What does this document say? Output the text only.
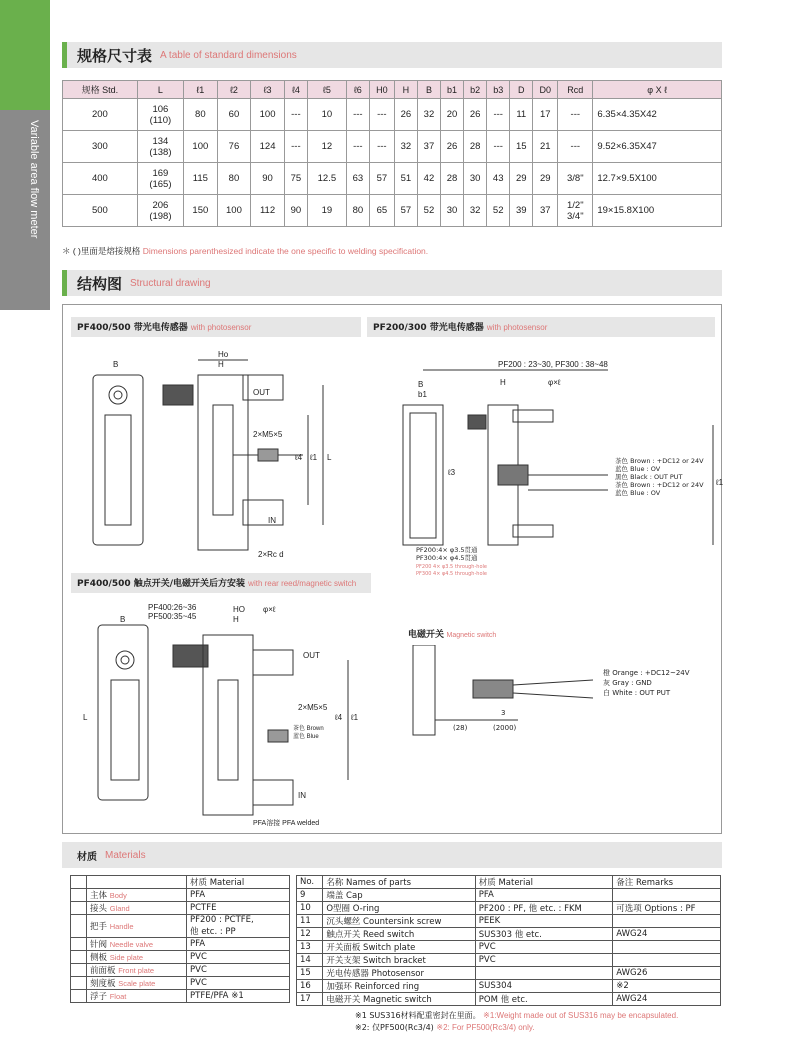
Variable area flow meter
规格尺寸表 A table of standard dimensions
规格 Std.	L	ℓ1	ℓ2	ℓ3	ℓ4	ℓ5	ℓ6	H0	H	B	b1	b2	b3	D	D0	Rcd	φ X ℓ
200	106
(110)	80	60	100	---	10	---	---	26	32	20	26	---	11	17	---	6.35×4.35X42
300	134
(138)	100	76	124	---	12	---	---	32	37	26	28	---	15	21	---	9.52×6.35X47
400	169
(165)	115	80	90	75	12.5	63	57	51	42	28	30	43	29	29	3/8"	12.7×9.5X100
500	206
(198)	150	100	112	90	19	80	65	57	52	30	32	52	39	37	1/2"
3/4"	19×15.8X100
＊ ( )里面是熔接规格 Dimensions parenthesized indicate the one specific to welding specification.
结构图 Structural drawing
PF400/500 带光电传感器 with photosensor	PF200/300 带光电传感器 with photosensor
PF400/500 触点开关/电磁开关后方安装 with rear reed/magnetic switch
电磁开关 Magnetic switch
B
Ho
H
OUT
2×M5×5
IN
2×Rc d
L
ℓ1
ℓ4
PF200 : 23~30, PF300 : 38~48
φ×ℓ
B
b1
H
ℓ3
ℓ1
茶色 Brown : +DC12 or 24V
蓝色 Blue : OV
黑色 Black : OUT PUT
茶色 Brown : +DC12 or 24V
蓝色 Blue : OV
PF200:4× φ3.5贯通
PF300:4× φ4.5贯通
PF200 4× φ3.5 through-hole
PF300 4× φ4.5 through-hole
PF400:26~36
PF500:35~45
B
HO
H
φ×ℓ
OUT
2×M5×5
IN
PFA溶接 PFA welded
茶色 Brown
蓝色 Blue
L	ℓ1
ℓ4
橙 Orange : +DC12~24V
灰 Gray : GND
白 White : OUT PUT
(28)	(2000)
3
材质 Materials
		材质 Material
	主体 Body	PFA
	接头 Gland	PCTFE
	把手 Handle	PF200 : PCTFE,
他 etc. : PP
	针阀 Needle valve	PFA
	侧板 Side plate	PVC
	前面板 Front plate	PVC
	刻度板 Scale plate	PVC
	浮子 Float	PTFE/PFA ※1
No.	名称 Names of parts	材质 Material	备注 Remarks
9	端盖 Cap	PFA	
10	O型圈 O-ring	PF200 : PF, 他 etc. : FKM	可选项 Options : PF
11	沉头螺丝 Countersink screw	PEEK	
12	触点开关 Reed switch	SUS303 他 etc.	AWG24
13	开关面板 Switch plate	PVC	
14	开关支架 Switch bracket	PVC	
15	光电传感器 Photosensor		AWG26
16	加强环 Reinforced ring	SUS304	※2
17	电磁开关 Magnetic switch	POM 他 etc.	AWG24
※1 SUS316材料配重密封在里面。 ※1:Weight made out of SUS316 may be encapsulated.
※2: 仅PF500(Rc3/4) ※2: For PF500(Rc3/4) only.
